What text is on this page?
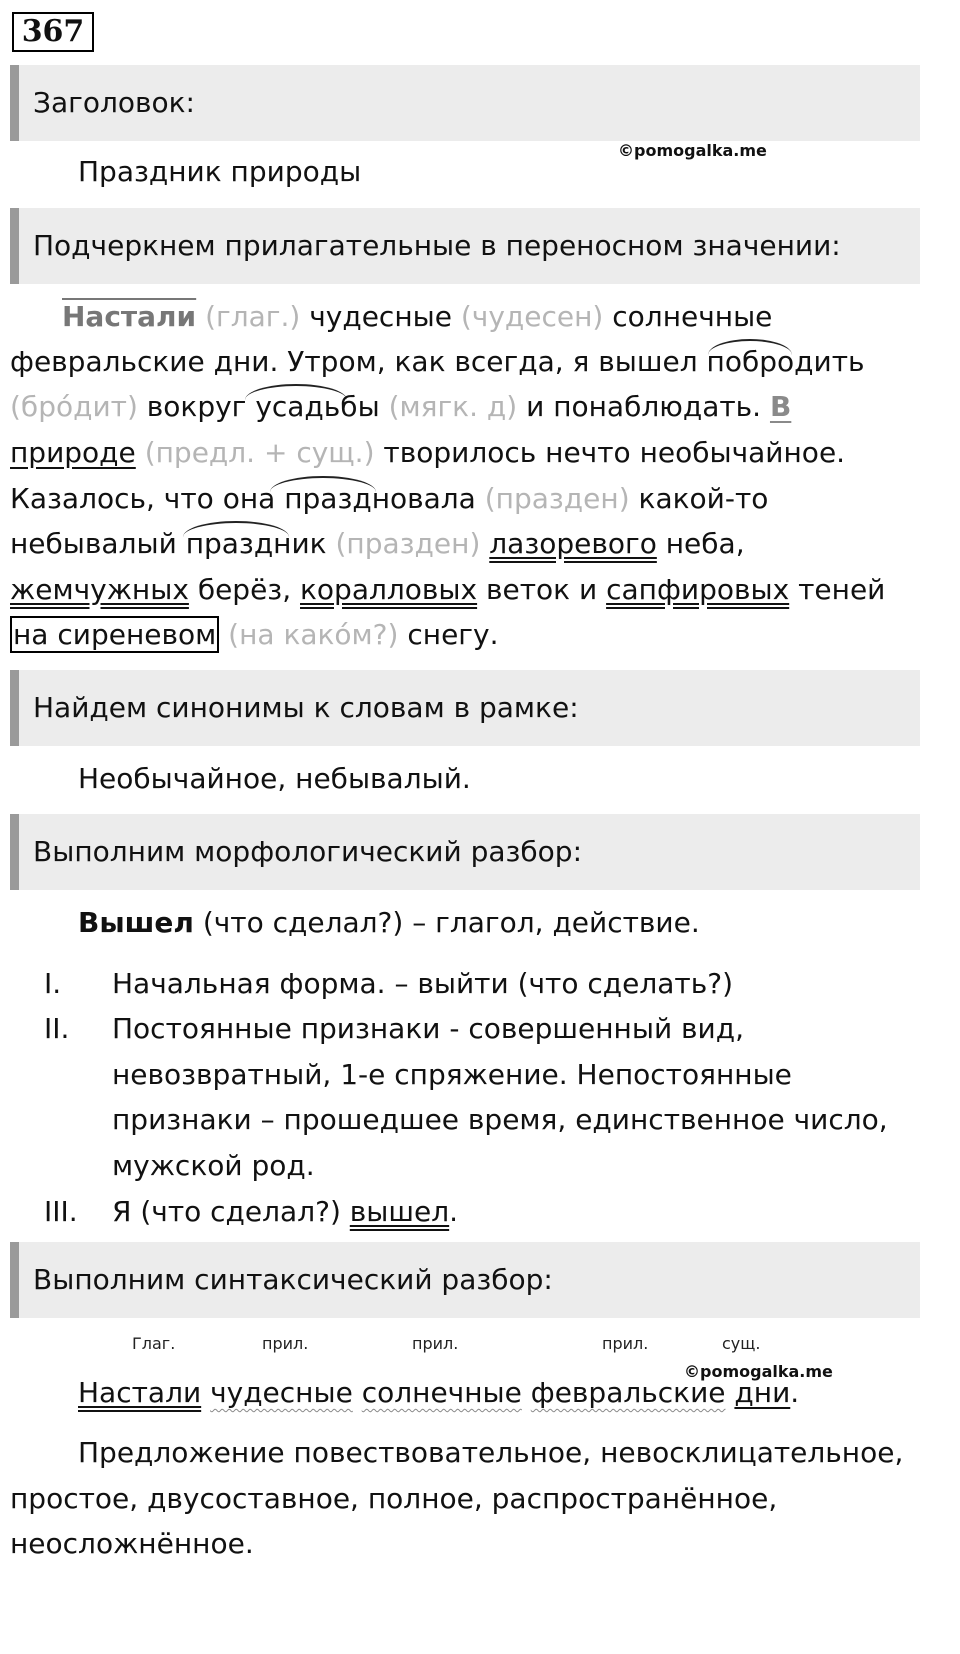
367
Заголовок:
Праздник природы
©pomogalka.me
Подчеркнем прилагательные в переносном значении:
Настали (глаг.) чудесные (чудесен) солнечные
февральские дни. Утром, как всегда, я вышел побродить
(бро́дит) вокруг усадьбы (мягк. д) и понаблюдать. В
природе (предл. + сущ.) творилось нечто необычайное.
Казалось, что она праздновала (празден) какой-то
небывалый праздник (празден) лазоревого неба,
жемчужных берёз, коралловых веток и сапфировых теней
на сиреневом (на како́м?) снегу.
Найдем синонимы к словам в рамке:
Необычайное, небывалый.
Выполним морфологический разбор:
Вышел (что сделал?) – глагол, действие.
I. Начальная форма. – выйти (что сделать?)
II. Постоянные признаки - совершенный вид,
невозвратный, 1-е спряжение. Непостоянные
признаки – прошедшее время, единственное число,
мужской род.
III. Я (что сделал?) вышел.
Выполним синтаксический разбор:
Глаг.	прил.	прил.	прил.	сущ.
©pomogalka.me
Настали чудесные солнечные февральские дни.
Предложение повествовательное, невосклицательное,
простое, двусоставное, полное, распространённое,
неосложнённое.
